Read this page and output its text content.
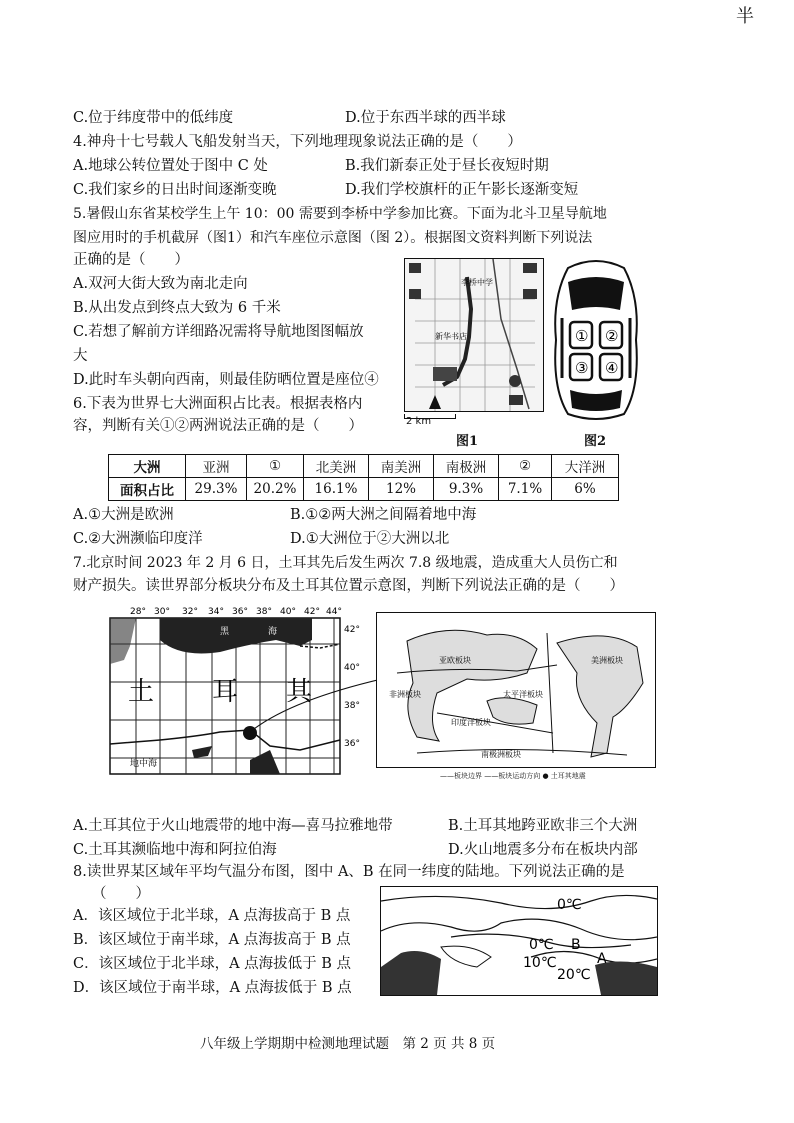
半
C.位于纬度带中的低纬度	D.位于东西半球的西半球
4.神舟十七号载人飞船发射当天，下列地理现象说法正确的是（　　）
A.地球公转位置处于图中 C 处	B.我们新泰正处于昼长夜短时期
C.我们家乡的日出时间逐渐变晚	D.我们学校旗杆的正午影长逐渐变短
5.暑假山东省某校学生上午 10：00 需要到李桥中学参加比赛。下面为北斗卫星导航地
图应用时的手机截屏（图1）和汽车座位示意图（图 2）。根据图文资料判断下列说法
正确的是（　　）
A.双河大街大致为南北走向
B.从出发点到终点大致为 6 千米
C.若想了解前方详细路况需将导航地图图幅放
大
D.此时车头朝向西南，则最佳防晒位置是座位④
李桥中学
新华书店
2 km
图1
① ②
③ ④
图2
6.下表为世界七大洲面积占比表。根据表格内
容，判断有关①②两洲说法正确的是（　　）
大洲	亚洲	①	北美洲	南美洲	南极洲	②	大洋洲
面积占比	29.3%	20.2%	16.1%	12%	9.3%	7.1%	6%
A.①大洲是欧洲	B.①②两大洲之间隔着地中海
C.②大洲濒临印度洋	D.①大洲位于②大洲以北
7.北京时间 2023 年 2 月 6 日，土耳其先后发生两次 7.8 级地震，造成重大人员伤亡和
财产损失。读世界部分板块分布及土耳其位置示意图，判断下列说法正确的是（　　）
28° 30° 32° 34° 36° 38° 40° 42° 44°
42°
40°
38°
36°
黑	海
土 耳 其
地中海
亚欧板块
非洲板块	太平洋板块
印度洋板块
美洲板块
南极洲板块
——板块边界 ——板块运动方向 ● 土耳其地震
A.土耳其位于火山地震带的地中海—喜马拉雅地带	B.土耳其地跨亚欧非三个大洲
C.土耳其濒临地中海和阿拉伯海	D.火山地震多分布在板块内部
8.读世界某区域年平均气温分布图，图中 A、B 在同一纬度的陆地。下列说法正确的是
（　　）
A．该区域位于北半球，A 点海拔高于 B 点
B．该区域位于南半球，A 点海拔高于 B 点
C．该区域位于北半球，A 点海拔低于 B 点
D．该区域位于南半球，A 点海拔低于 B 点
0℃
0℃ B
10℃
20℃
A
八年级上学期期中检测地理试题　第 2 页 共 8 页
